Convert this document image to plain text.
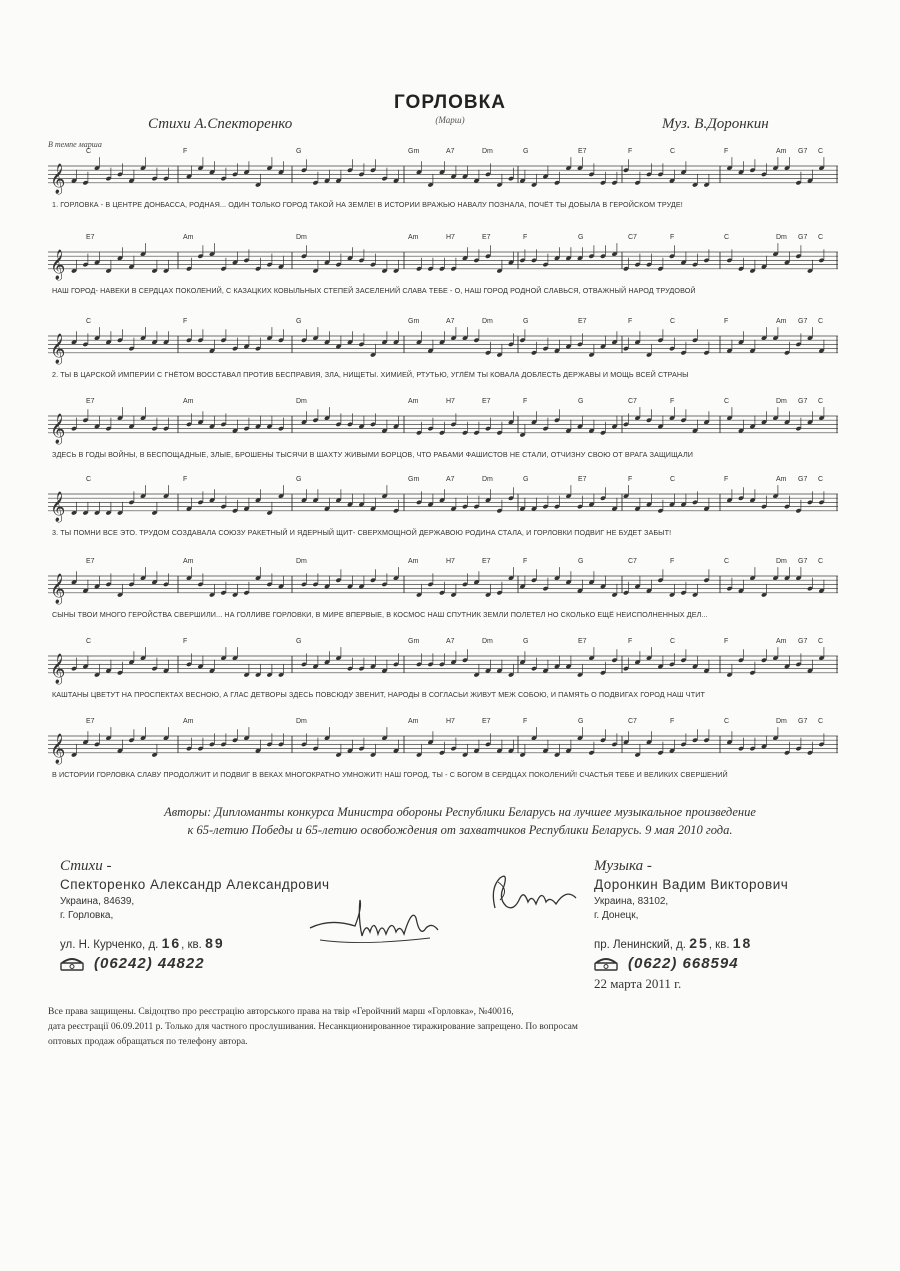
ГОРЛОВКА
(Марш)
Стихи А.Спекторенко	Муз. В.Доронкин
В темпе марша
C	F	G	Gm	A7	Dm	G	E7	F	C	F	Am G7 C
𝄞
1. ГОРЛОВКА - В ЦЕНТРЕ ДОНБАССА, РОДНАЯ... ОДИН ТОЛЬКО ГОРОД ТАКОЙ НА ЗЕМЛЕ! В ИСТОРИИ ВРАЖЬЮ НАВАЛУ ПОЗНАЛА, ПОЧЁТ ТЫ ДОБЫЛА В ГЕРОЙСКОМ ТРУДЕ!
E7	Am	Dm	Am	H7	E7	F	G	C7	F	C	Dm G7 C
𝄞
НАШ ГОРОД- НАВЕКИ В СЕРДЦАХ ПОКОЛЕНИЙ, С КАЗАЦКИХ КОВЫЛЬНЫХ СТЕПЕЙ ЗАСЕЛЕНИЙ СЛАВА ТЕБЕ - О, НАШ ГОРОД РОДНОЙ СЛАВЬСЯ, ОТВАЖНЫЙ НАРОД ТРУДОВОЙ
C	F	G	Gm	A7	Dm	G	E7	F	C	F	Am G7 C
𝄞
2. ТЫ В ЦАРСКОЙ ИМПЕРИИ С ГНЁТОМ ВОССТАВАЛ ПРОТИВ БЕСПРАВИЯ, ЗЛА, НИЩЕТЫ. ХИМИЕЙ, РТУТЬЮ, УГЛЁМ ТЫ КОВАЛА ДОБЛЕСТЬ ДЕРЖАВЫ И МОЩЬ ВСЕЙ СТРАНЫ
E7	Am	Dm	Am	H7	E7	F	G	C7	F	C	Dm G7 C
𝄞
ЗДЕСЬ В ГОДЫ ВОЙНЫ, В БЕСПОЩАДНЫЕ, ЗЛЫЕ, БРОШЕНЫ ТЫСЯЧИ В ШАХТУ ЖИВЫМИ БОРЦОВ, ЧТО РАБАМИ ФАШИСТОВ НЕ СТАЛИ, ОТЧИЗНУ СВОЮ ОТ ВРАГА ЗАЩИЩАЛИ
C	F	G	Gm	A7	Dm	G	E7	F	C	F	Am G7 C
𝄞
3. ТЫ ПОМНИ ВСЕ ЭТО. ТРУДОМ СОЗДАВАЛА СОЮЗУ РАКЕТНЫЙ И ЯДЕРНЫЙ ЩИТ- СВЕРХМОЩНОЙ ДЕРЖАВОЮ РОДИНА СТАЛА, И ГОРЛОВКИ ПОДВИГ НЕ БУДЕТ ЗАБЫТ!
E7	Am	Dm	Am	H7	E7	F	G	C7	F	C	Dm G7 C
𝄞
СЫНЫ ТВОИ МНОГО ГЕРОЙСТВА СВЕРШИЛИ... НА ГОЛЛИВЕ ГОРЛОВКИ, В МИРЕ ВПЕРВЫЕ, В КОСМОС НАШ СПУТНИК ЗЕМЛИ ПОЛЕТЕЛ НО СКОЛЬКО ЕЩЁ НЕИСПОЛНЕННЫХ ДЕЛ...
C	F	G	Gm	A7	Dm	G	E7	F	C	F	Am G7 C
𝄞
КАШТАНЫ ЦВЕТУТ НА ПРОСПЕКТАХ ВЕСНОЮ, А ГЛАС ДЕТВОРЫ ЗДЕСЬ ПОВСЮДУ ЗВЕНИТ, НАРОДЫ В СОГЛАСЬИ ЖИВУТ МЕЖ СОБОЮ, И ПАМЯТЬ О ПОДВИГАХ ГОРОД НАШ ЧТИТ
E7	Am	Dm	Am	H7	E7	F	G	C7	F	C	Dm G7 C
𝄞
В ИСТОРИИ ГОРЛОВКА СЛАВУ ПРОДОЛЖИТ И ПОДВИГ В ВЕКАХ МНОГОКРАТНО УМНОЖИТ! НАШ ГОРОД, ТЫ - С БОГОМ В СЕРДЦАХ ПОКОЛЕНИЙ! СЧАСТЬЯ ТЕБЕ И ВЕЛИКИХ СВЕРШЕНИЙ
Авторы: Дипломанты конкурса Министра обороны Республики Беларусь на лучшее музыкальное произведение
к 65-летию Победы и 65-летию освобождения от захватчиков Республики Беларусь. 9 мая 2010 года.
Стихи -
Спекторенко Александр Александрович
Украина, 84639,
г. Горловка,
ул. Н. Курченко, д. 16, кв. 89
(06242) 44822
Музыка -
Доронкин Вадим Викторович
Украина, 83102,
г. Донецк,
пр. Ленинский, д. 25, кв. 18
(0622) 668594
22 марта 2011 г.
Все права защищены. Свідоцтво про реєстрацію авторського права на твір «Геройчний марш «Горловка», №40016,
дата реєстрації 06.09.2011 р. Только для частного прослушивания. Несанкционированное тиражирование запрещено. По вопросам
оптовых продаж обращаться по телефону автора.
